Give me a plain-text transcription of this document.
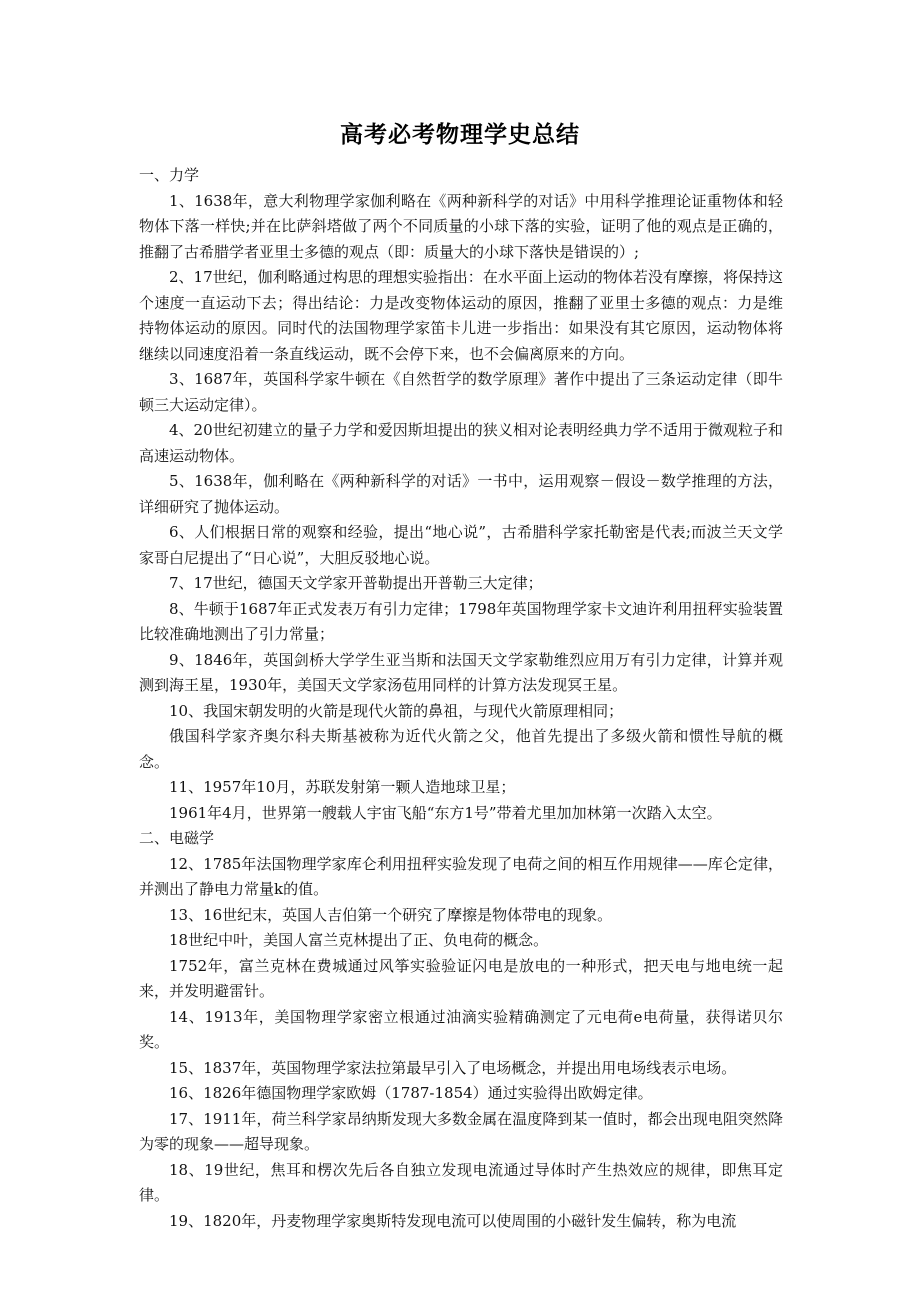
高考必考物理学史总结

一、力学

1、1638年，意大利物理学家伽利略在《两种新科学的对话》中用科学推理论证重物体和轻物体下落一样快;并在比萨斜塔做了两个不同质量的小球下落的实验，证明了他的观点是正确的，推翻了古希腊学者亚里士多德的观点（即：质量大的小球下落快是错误的）;

2、17世纪，伽利略通过构思的理想实验指出：在水平面上运动的物体若没有摩擦，将保持这个速度一直运动下去；得出结论：力是改变物体运动的原因，推翻了亚里士多德的观点：力是维持物体运动的原因。同时代的法国物理学家笛卡儿进一步指出：如果没有其它原因，运动物体将继续以同速度沿着一条直线运动，既不会停下来，也不会偏离原来的方向。

3、1687年，英国科学家牛顿在《自然哲学的数学原理》著作中提出了三条运动定律（即牛顿三大运动定律）。

4、20世纪初建立的量子力学和爱因斯坦提出的狭义相对论表明经典力学不适用于微观粒子和高速运动物体。

5、1638年，伽利略在《两种新科学的对话》一书中，运用观察－假设－数学推理的方法，详细研究了抛体运动。

6、人们根据日常的观察和经验，提出“地心说”，古希腊科学家托勒密是代表;而波兰天文学家哥白尼提出了“日心说”，大胆反驳地心说。

7、17世纪，德国天文学家开普勒提出开普勒三大定律；

8、牛顿于1687年正式发表万有引力定律；1798年英国物理学家卡文迪许利用扭秤实验装置比较准确地测出了引力常量；

9、1846年，英国剑桥大学学生亚当斯和法国天文学家勒维烈应用万有引力定律，计算并观测到海王星，1930年，美国天文学家汤苞用同样的计算方法发现冥王星。

10、我国宋朝发明的火箭是现代火箭的鼻祖，与现代火箭原理相同；

俄国科学家齐奥尔科夫斯基被称为近代火箭之父，他首先提出了多级火箭和惯性导航的概念。

11、1957年10月，苏联发射第一颗人造地球卫星；

1961年4月，世界第一艘载人宇宙飞船“东方1号”带着尤里加加林第一次踏入太空。

二、电磁学

12、1785年法国物理学家库仑利用扭秤实验发现了电荷之间的相互作用规律——库仑定律，并测出了静电力常量k的值。

13、16世纪末，英国人吉伯第一个研究了摩擦是物体带电的现象。

18世纪中叶，美国人富兰克林提出了正、负电荷的概念。

1752年，富兰克林在费城通过风筝实验验证闪电是放电的一种形式，把天电与地电统一起来，并发明避雷针。

14、1913年，美国物理学家密立根通过油滴实验精确测定了元电荷e电荷量，获得诺贝尔奖。

15、1837年，英国物理学家法拉第最早引入了电场概念，并提出用电场线表示电场。

16、1826年德国物理学家欧姆（1787-1854）通过实验得出欧姆定律。

17、1911年，荷兰科学家昂纳斯发现大多数金属在温度降到某一值时，都会出现电阻突然降为零的现象——超导现象。

18、19世纪，焦耳和楞次先后各自独立发现电流通过导体时产生热效应的规律，即焦耳定律。

19、1820年，丹麦物理学家奥斯特发现电流可以使周围的小磁针发生偏转，称为电流
